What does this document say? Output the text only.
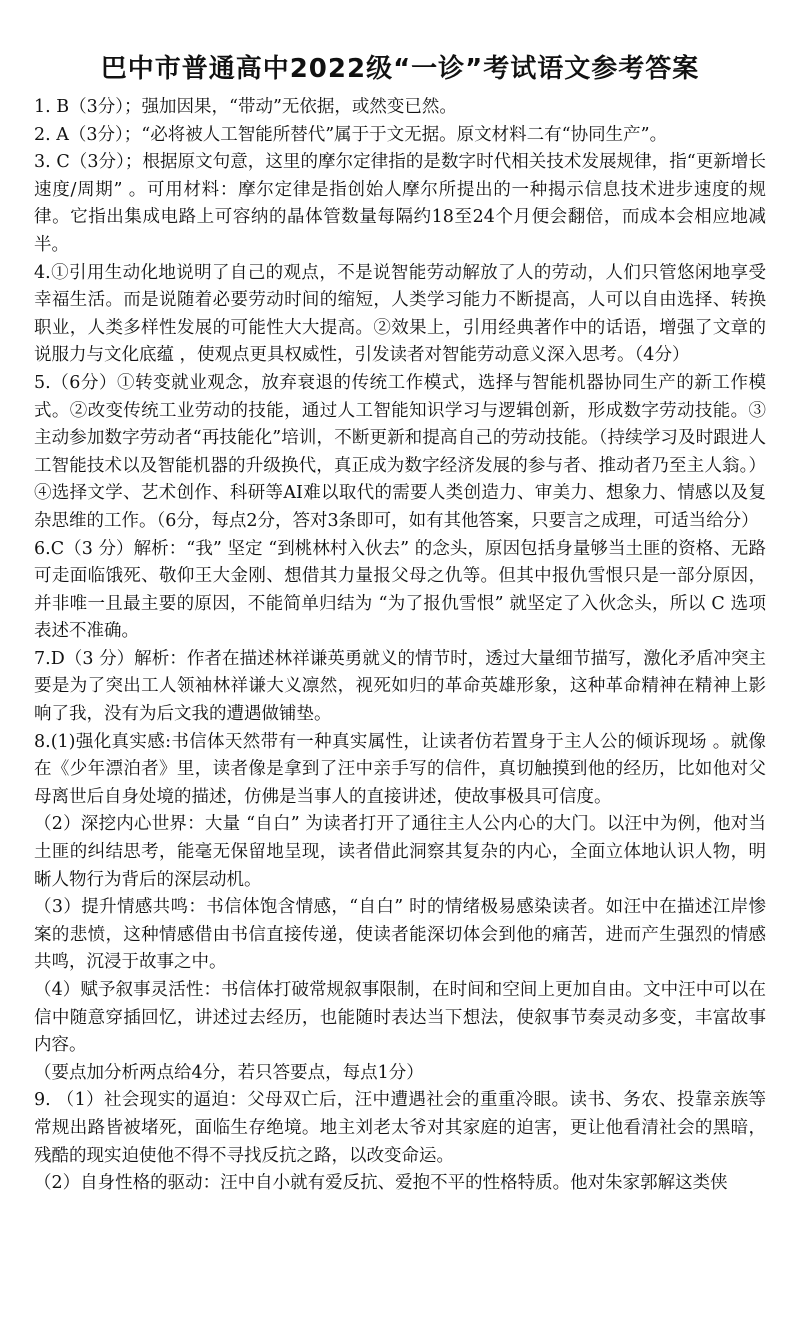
巴中市普通高中2022级“一诊”考试语文参考答案

1. B（3分）；强加因果，“带动”无依据，或然变已然。

2. A（3分）；“必将被人工智能所替代”属于于文无据。原文材料二有“协同生产”。

3. C（3分）；根据原文句意，这里的摩尔定律指的是数字时代相关技术发展规律，指“更新增长速度/周期” 。可用材料：摩尔定律是指创始人摩尔所提出的一种揭示信息技术进步速度的规律。它指出集成电路上可容纳的晶体管数量每隔约18至24个月便会翻倍，而成本会相应地减半。

4.①引用生动化地说明了自己的观点，不是说智能劳动解放了人的劳动，人们只管悠闲地享受幸福生活。而是说随着必要劳动时间的缩短，人类学习能力不断提高，人可以自由选择、转换职业，人类多样性发展的可能性大大提高。②效果上，引用经典著作中的话语，增强了文章的说服力与文化底蕴 ，使观点更具权威性，引发读者对智能劳动意义深入思考。（4分）

5.（6分）①转变就业观念，放弃衰退的传统工作模式，选择与智能机器协同生产的新工作模式。②改变传统工业劳动的技能，通过人工智能知识学习与逻辑创新，形成数字劳动技能。③主动参加数字劳动者“再技能化”培训，不断更新和提高自己的劳动技能。（持续学习及时跟进人工智能技术以及智能机器的升级换代，真正成为数字经济发展的参与者、推动者乃至主人翁。）④选择文学、艺术创作、科研等AI难以取代的需要人类创造力、审美力、想象力、情感以及复杂思维的工作。（6分，每点2分，答对3条即可，如有其他答案，只要言之成理，可适当给分）

6.C（3 分）解析：“我” 坚定 “到桃林村入伙去” 的念头，原因包括身量够当土匪的资格、无路可走面临饿死、敬仰王大金刚、想借其力量报父母之仇等。但其中报仇雪恨只是一部分原因，并非唯一且最主要的原因，不能简单归结为 “为了报仇雪恨” 就坚定了入伙念头，所以 C 选项表述不准确。

7.D（3 分）解析：作者在描述林祥谦英勇就义的情节时，透过大量细节描写，激化矛盾冲突主要是为了突出工人领袖林祥谦大义凛然，视死如归的革命英雄形象，这种革命精神在精神上影响了我，没有为后文我的遭遇做铺垫。

8.(1)强化真实感:书信体天然带有一种真实属性，让读者仿若置身于主人公的倾诉现场 。就像在《少年漂泊者》里，读者像是拿到了汪中亲手写的信件，真切触摸到他的经历，比如他对父母离世后自身处境的描述，仿佛是当事人的直接讲述，使故事极具可信度。

（2）深挖内心世界：大量 “自白” 为读者打开了通往主人公内心的大门。以汪中为例，他对当土匪的纠结思考，能毫无保留地呈现，读者借此洞察其复杂的内心，全面立体地认识人物，明晰人物行为背后的深层动机。

（3）提升情感共鸣：书信体饱含情感，“自白” 时的情绪极易感染读者。如汪中在描述江岸惨案的悲愤，这种情感借由书信直接传递，使读者能深切体会到他的痛苦，进而产生强烈的情感共鸣，沉浸于故事之中。

（4）赋予叙事灵活性：书信体打破常规叙事限制，在时间和空间上更加自由。文中汪中可以在信中随意穿插回忆，讲述过去经历，也能随时表达当下想法，使叙事节奏灵动多变，丰富故事内容。

（要点加分析两点给4分，若只答要点，每点1分）

9. （1）社会现实的逼迫：父母双亡后，汪中遭遇社会的重重冷眼。读书、务农、投靠亲族等常规出路皆被堵死，面临生存绝境。地主刘老太爷对其家庭的迫害，更让他看清社会的黑暗，残酷的现实迫使他不得不寻找反抗之路，以改变命运。

（2）自身性格的驱动：汪中自小就有爱反抗、爱抱不平的性格特质。他对朱家郭解这类侠
